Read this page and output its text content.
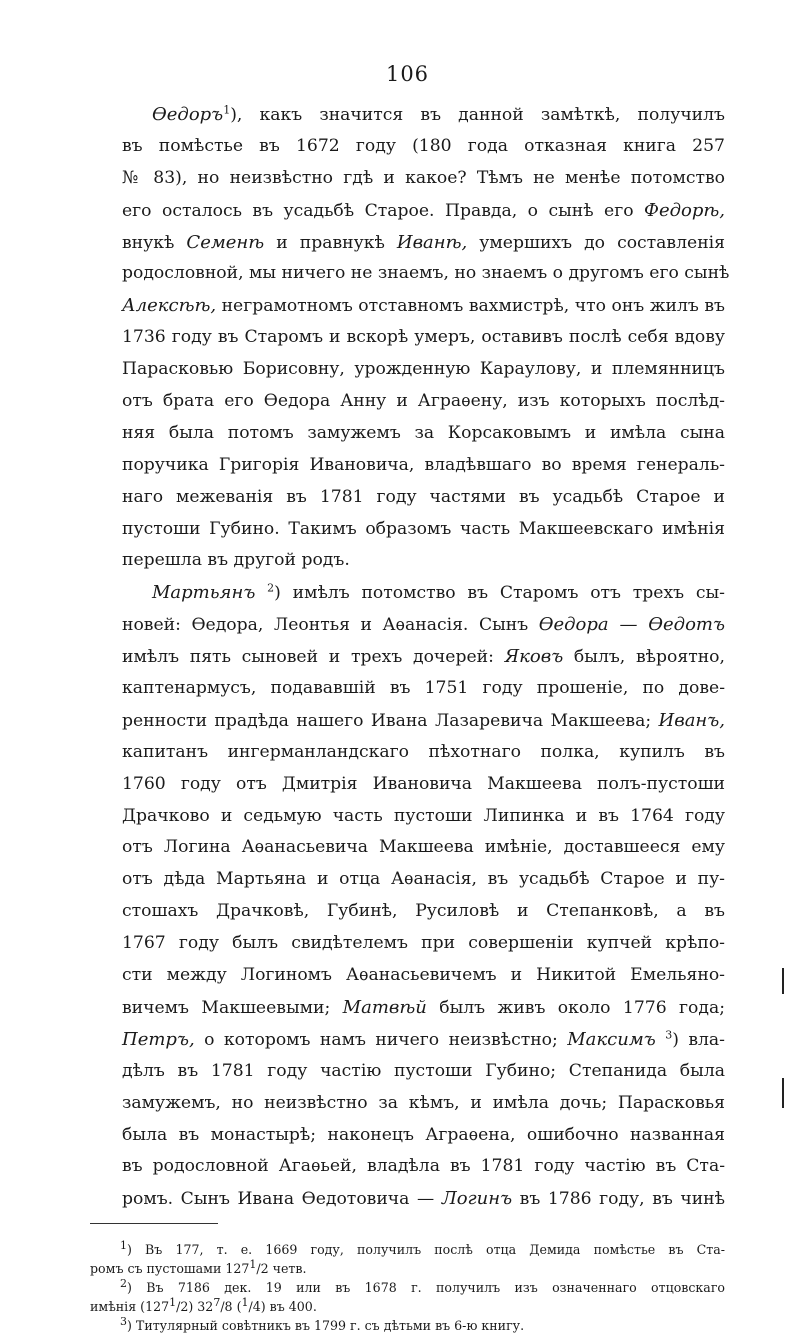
106

Өедоръ$^1$), какъ значится въ данной замѣткѣ, получилъ
въ помѣстье въ 1672 году (180 года отказная книга 257
№ 83), но неизвѣстно гдѣ и какое? Тѣмъ не менѣе потомство
его осталось въ усадьбѣ Старое. Правда, о сынѣ его Федорѣ,
внукѣ Семенѣ и правнукѣ Иванѣ, умершихъ до составленія
родословной, мы ничего не знаемъ, но знаемъ о другомъ его сынѣ
Алексѣѣ, неграмотномъ отставномъ вахмистрѣ, что онъ жилъ въ
1736 году въ Старомъ и вскорѣ умеръ, оставивъ послѣ себя вдову
Парасковью Борисовну, урожденную Караулову, и племянницъ
отъ брата его Өедора Анну и Аграѳену, изъ которыхъ послѣд-
няя была потомъ замужемъ за Корсаковымъ и имѣла сына
поручика Григорія Ивановича, владѣвшаго во время генераль-
наго межеванія въ 1781 году частями въ усадьбѣ Старое и
пустоши Губино. Такимъ образомъ часть Макшеевскаго имѣнія
перешла въ другой родъ.
Мартьянъ $^2$) имѣлъ потомство въ Старомъ отъ трехъ сы-
новей: Өедора, Леонтья и Аѳанасія. Сынъ Өедора — Өедотъ
имѣлъ пять сыновей и трехъ дочерей: Яковъ былъ, вѣроятно,
каптенармусъ, подававшій въ 1751 году прошеніе, по дове-
ренности прадѣда нашего Ивана Лазаревича Макшеева; Иванъ,
капитанъ ингерманландскаго пѣхотнаго полка, купилъ въ
1760 году отъ Дмитрія Ивановича Макшеева полъ-пустоши
Драчково и седьмую часть пустоши Липинка и въ 1764 году
отъ Логина Аѳанасьевича Макшеева имѣніе, доставшееся ему
отъ дѣда Мартьяна и отца Аѳанасія, въ усадьбѣ Старое и пу-
стошахъ Драчковѣ, Губинѣ, Русиловѣ и Степанковѣ, а въ
1767 году былъ свидѣтелемъ при совершеніи купчей крѣпо-
сти между Логиномъ Аѳанасьевичемъ и Никитой Емельяно-
вичемъ Макшеевыми; Матвѣй былъ живъ около 1776 года;
Петръ, о которомъ намъ ничего неизвѣстно; Максимъ $^3$) вла-
дѣлъ въ 1781 году частію пустоши Губино; Степанида была
замужемъ, но неизвѣстно за кѣмъ, и имѣла дочь; Парасковья
была въ монастырѣ; наконецъ Аграѳена, ошибочно названная
въ родословной Агаѳьей, владѣла въ 1781 году частію въ Ста-
ромъ. Сынъ Ивана Өедотовича — Логинъ въ 1786 году, въ чинѣ

$^1$) Въ 177, т. е. 1669 году, получилъ послѣ отца Демида помѣстье въ Ста-
ромъ съ пустошами $127^1/2$ четв.
$^2$) Въ 7186 дек. 19 или въ 1678 г. получилъ изъ означеннаго отцовскаго
имѣнія $(127^1/2)$ $32^7/8$ ($^1$/4) въ 400.
$^3$) Титулярный совѣтникъ въ 1799 г. съ дѣтьми въ 6-ю книгу.
